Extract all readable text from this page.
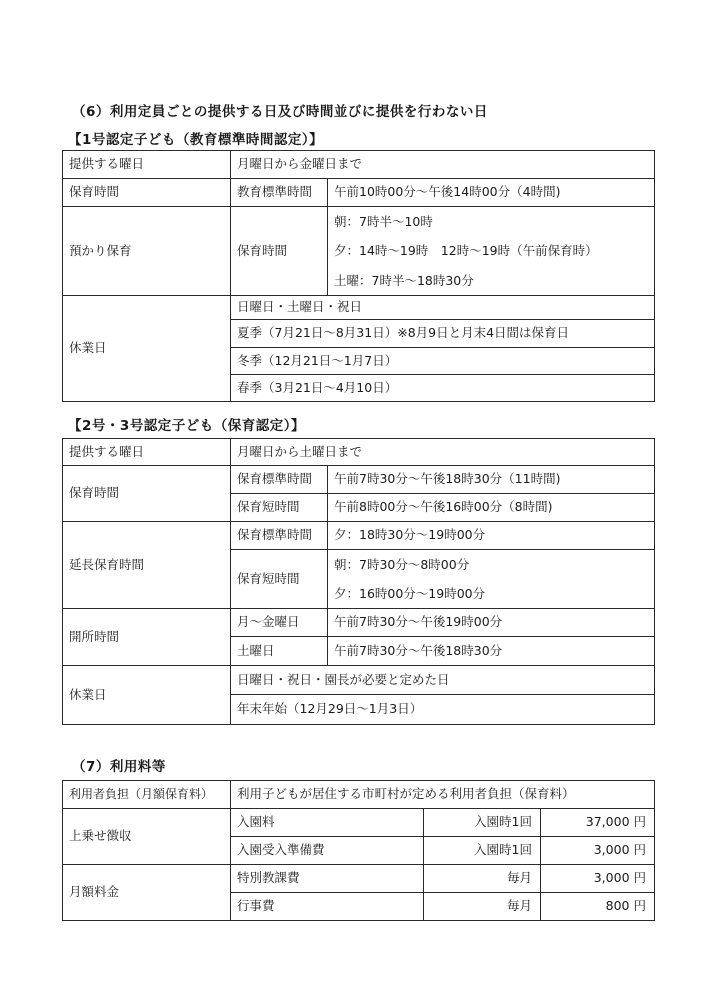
（6）利用定員ごとの提供する日及び時間並びに提供を行わない日
【1号認定子ども（教育標準時間認定）】
提供する曜日	月曜日から金曜日まで	
保育時間	教育標準時間	午前10時00分～午後14時00分（4時間)
預かり保育	保育時間	朝：7時半～10時
夕：14時～19時　12時～19時（午前保育時）
土曜：7時半～18時30分

休業日	日曜日・土曜日・祝日	
	夏季（7月21日～8月31日）※8月9日と月末4日間は保育日	
	冬季（12月21日～1月7日）	
	春季（3月21日～4月10日）	
【2号・3号認定子ども（保育認定）】
提供する曜日	月曜日から土曜日まで	
保育時間	保育標準時間	午前7時30分～午後18時30分（11時間)
	保育短時間	午前8時00分～午後16時00分（8時間)
延長保育時間	保育標準時間	夕：18時30分～19時00分
	保育短時間	朝：7時30分～8時00分
夕：16時00分～19時00分

開所時間	月～金曜日	午前7時30分～午後19時00分
	土曜日	午前7時30分～午後18時30分
休業日	日曜日・祝日・園長が必要と定めた日	
	年末年始（12月29日～1月3日）	
（7）利用料等
利用者負担（月額保育料）	利用子どもが居住する市町村が定める利用者負担（保育料）		
上乗せ徴収	入園料	入園時1回	37,000 円
	入園受入準備費	入園時1回	3,000 円
月額料金	特別教課費	毎月	3,000 円
	行事費	毎月	800 円
